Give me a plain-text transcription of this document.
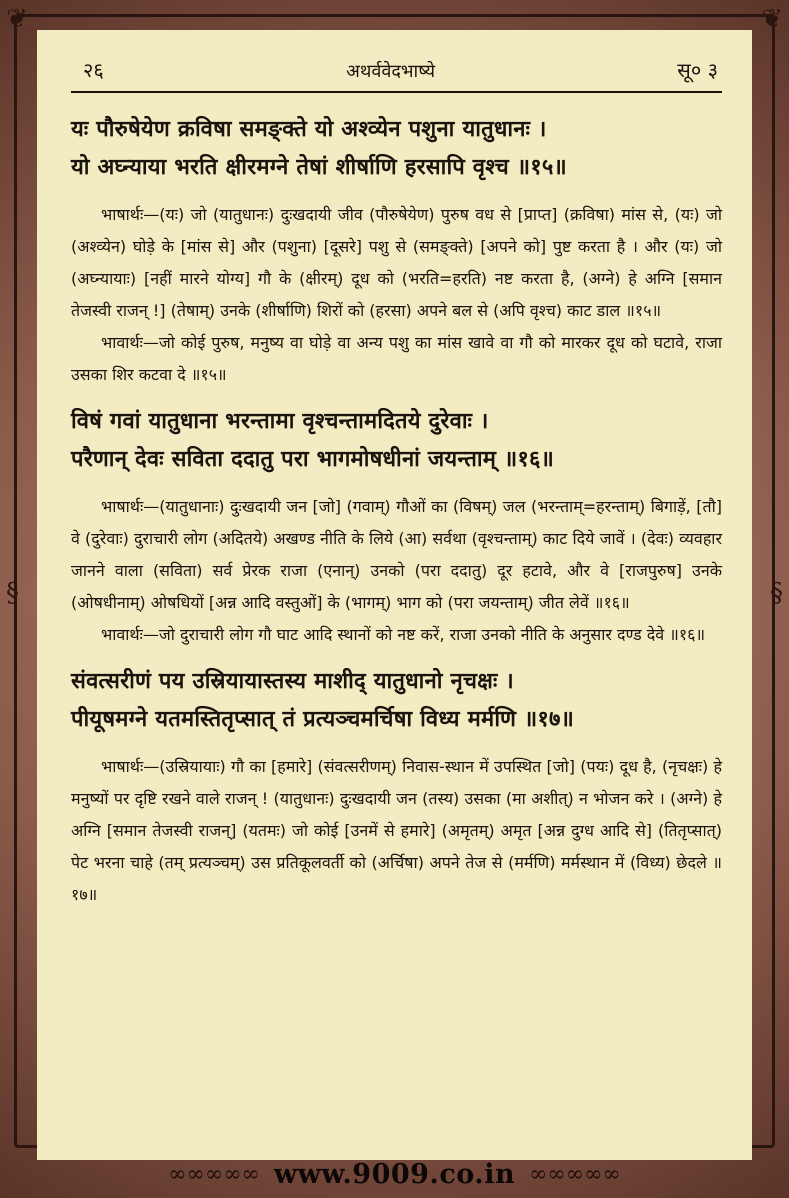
❦	❦
§	§
२६	अथर्ववेदभाष्ये	सू० ३
यः पौरुषेयेण क्रविषा समङ्क्ते यो अश्व्येन पशुना यातुधानः ।
यो अघ्न्याया भरति क्षीरमग्ने तेषां शीर्षाणि हरसापि वृश्च ॥१५॥
भाषार्थः—(यः) जो (यातुधानः) दुःखदायी जीव (पौरुषेयेण) पुरुष वध से [प्राप्त] (क्रविषा) मांस से, (यः) जो (अश्व्येन) घोड़े के [मांस से] और (पशुना) [दूसरे] पशु से (समङ्क्ते) [अपने को] पुष्ट करता है । और (यः) जो (अघ्न्यायाः) [नहीं मारने योग्य] गौ के (क्षीरम्) दूध को (भरति=हरति) नष्ट करता है, (अग्ने) हे अग्नि [समान तेजस्वी राजन् !] (तेषाम्) उनके (शीर्षाणि) शिरों को (हरसा) अपने बल से (अपि वृश्च) काट डाल ॥१५॥
भावार्थः—जो कोई पुरुष, मनुष्य वा घोड़े वा अन्य पशु का मांस खावे वा गौ को मारकर दूध को घटावे, राजा उसका शिर कटवा दे ॥१५॥
विषं गवां यातुधाना भरन्तामा वृश्चन्तामदितये दुरेवाः ।
परैणान् देवः सविता ददातु परा भागमोषधीनां जयन्ताम् ॥१६॥
भाषार्थः—(यातुधानाः) दुःखदायी जन [जो] (गवाम्) गौओं का (विषम्) जल (भरन्ताम्=हरन्ताम्) बिगाड़ें, [तौ] वे (दुरेवाः) दुराचारी लोग (अदितये) अखण्ड नीति के लिये (आ) सर्वथा (वृश्चन्ताम्) काट दिये जावें । (देवः) व्यवहार जानने वाला (सविता) सर्व प्रेरक राजा (एनान्) उनको (परा ददातु) दूर हटावे, और वे [राजपुरुष] उनके (ओषधीनाम्) ओषधियों [अन्न आदि वस्तुओं] के (भागम्) भाग को (परा जयन्ताम्) जीत लेवें ॥१६॥
भावार्थः—जो दुराचारी लोग गौ घाट आदि स्थानों को नष्ट करें, राजा उनको नीति के अनुसार दण्ड देवे ॥१६॥
संवत्सरीणं पय उस्रियायास्तस्य माशीद् यातुधानो नृचक्षः ।
पीयूषमग्ने यतमस्तितृप्सात् तं प्रत्यञ्चमर्चिषा विध्य मर्मणि ॥१७॥
भाषार्थः—(उस्रियायाः) गौ का [हमारे] (संवत्सरीणम्) निवास-स्थान में उपस्थित [जो] (पयः) दूध है, (नृचक्षः) हे मनुष्यों पर दृष्टि रखने वाले राजन् ! (यातुधानः) दुःखदायी जन (तस्य) उसका (मा अशीत्) न भोजन करे । (अग्ने) हे अग्नि [समान तेजस्वी राजन्] (यतमः) जो कोई [उनमें से हमारे] (अमृतम्) अमृत [अन्न दुग्ध आदि से] (तितृप्सात्) पेट भरना चाहे (तम् प्रत्यञ्चम्) उस प्रतिकूलवर्ती को (अर्चिषा) अपने तेज से (मर्मणि) मर्मस्थान में (विध्य) छेदले ॥१७॥
∞∞∞∞∞ www.9009.co.in ∞∞∞∞∞
